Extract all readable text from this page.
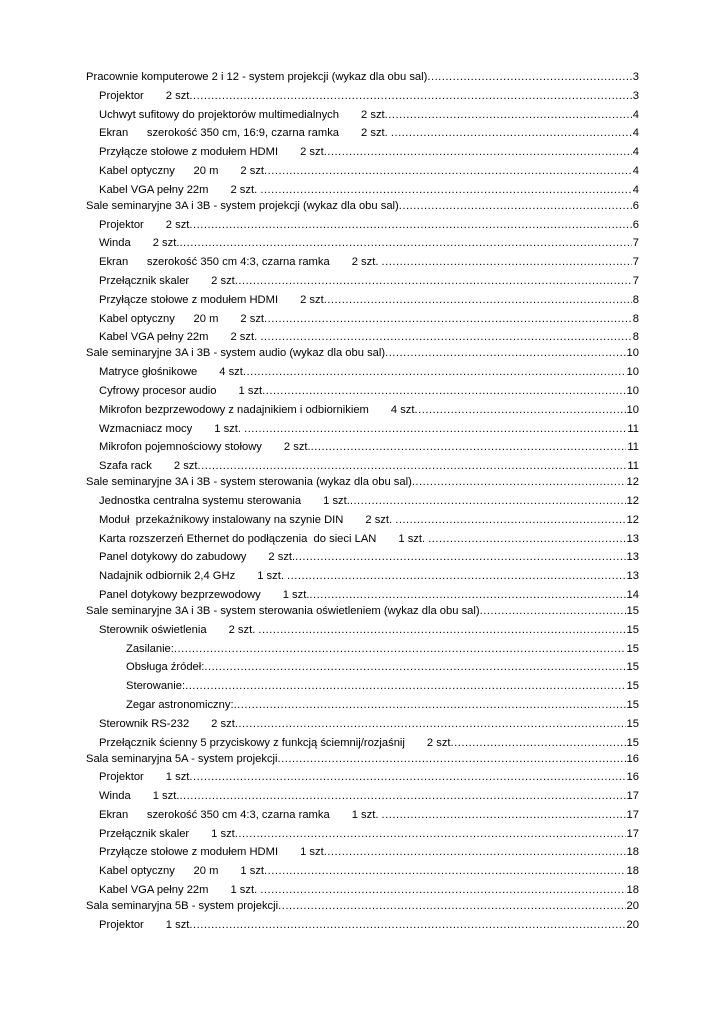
Pracownie komputerowe 2 i 12 - system projekcji (wykaz dla obu sal) .....	3
Projektor 2 szt .....	3
Uchwyt sufitowy do projektorów multimedialnych 2 szt .....	4
Ekran      szerokość 350 cm, 16:9, czarna ramka 2 szt. .....	4
Przyłącze stołowe z modułem HDMI 2 szt .....	4
Kabel optyczny      20 m 2 szt .....	4
Kabel VGA pełny 22m 2 szt. .....	4
Sale seminaryjne 3A i 3B - system projekcji (wykaz dla obu sal) .....	6
Projektor 2 szt .....	6
Winda 2 szt. .....	7
Ekran      szerokość 350 cm 4:3, czarna ramka 2 szt. .....	7
Przełącznik skaler 2 szt .....	7
Przyłącze stołowe z modułem HDMI 2 szt .....	8
Kabel optyczny      20 m 2 szt .....	8
Kabel VGA pełny 22m 2 szt. .....	8
Sale seminaryjne 3A i 3B - system audio (wykaz dla obu sal) .....	10
Matryce głośnikowe 4 szt .....	10
Cyfrowy procesor audio 1 szt .....	10
Mikrofon bezprzewodowy z nadajnikiem i odbiornikiem 4 szt .....	10
Wzmacniacz mocy 1 szt. .....	11
Mikrofon pojemnościowy stołowy 2 szt. .....	11
Szafa rack 2 szt .....	11
Sale seminaryjne 3A i 3B - system sterowania (wykaz dla obu sal) .....	12
Jednostka centralna systemu sterowania 1 szt. .....	12
Moduł  przekaźnikowy instalowany na szynie DIN 2 szt. .....	12
Karta rozszerzeń Ethernet do podłączenia  do sieci LAN 1 szt. .....	13
Panel dotykowy do zabudowy 2 szt. .....	13
Nadajnik odbiornik 2,4 GHz 1 szt. .....	13
Panel dotykowy bezprzewodowy 1 szt. .....	14
Sale seminaryjne 3A i 3B - system sterowania oświetleniem (wykaz dla obu sal) .....	15
Sterownik oświetlenia 2 szt. .....	15
Zasilanie: .....	15
Obsługa źródeł: .....	15
Sterowanie: .....	15
Zegar astronomiczny: .....	15
Sterownik RS-232 2 szt .....	15
Przełącznik ścienny 5 przyciskowy z funkcją ściemnij/rozjaśnij 2 szt .....	15
Sala seminaryjna 5A - system projekcji .....	16
Projektor 1 szt .....	16
Winda 1 szt. .....	17
Ekran      szerokość 350 cm 4:3, czarna ramka 1 szt. .....	17
Przełącznik skaler 1 szt .....	17
Przyłącze stołowe z modułem HDMI 1 szt .....	18
Kabel optyczny      20 m 1 szt .....	18
Kabel VGA pełny 22m 1 szt. .....	18
Sala seminaryjna 5B - system projekcji .....	20
Projektor 1 szt .....	20
